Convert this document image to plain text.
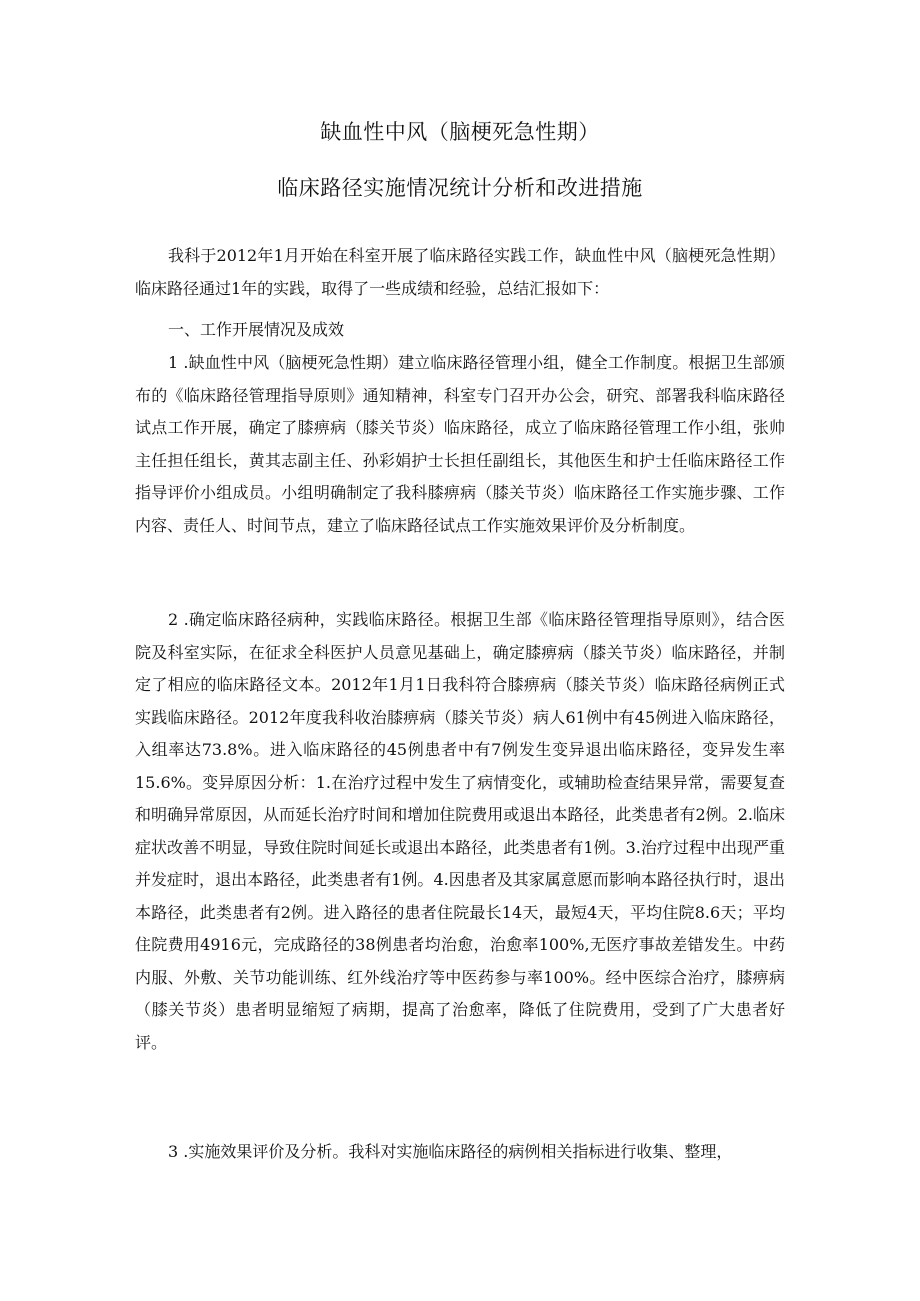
缺血性中风（脑梗死急性期）
临床路径实施情况统计分析和改进措施

我科于2012年1月开始在科室开展了临床路径实践工作，缺血性中风（脑梗死急性期）临床路径通过1年的实践，取得了一些成绩和经验，总结汇报如下：

一、工作开展情况及成效

1 .缺血性中风（脑梗死急性期）建立临床路径管理小组，健全工作制度。根据卫生部颁布的《临床路径管理指导原则》通知精神，科室专门召开办公会，研究、部署我科临床路径试点工作开展，确定了膝痹病（膝关节炎）临床路径，成立了临床路径管理工作小组，张帅主任担任组长，黄其志副主任、孙彩娟护士长担任副组长，其他医生和护士任临床路径工作指导评价小组成员。小组明确制定了我科膝痹病（膝关节炎）临床路径工作实施步骤、工作内容、责任人、时间节点，建立了临床路径试点工作实施效果评价及分析制度。

2 .确定临床路径病种，实践临床路径。根据卫生部《临床路径管理指导原则》，结合医院及科室实际，在征求全科医护人员意见基础上，确定膝痹病（膝关节炎）临床路径，并制定了相应的临床路径文本。2012年1月1日我科符合膝痹病（膝关节炎）临床路径病例正式实践临床路径。2012年度我科收治膝痹病（膝关节炎）病人61例中有45例进入临床路径，入组率达73.8%。进入临床路径的45例患者中有7例发生变异退出临床路径，变异发生率15.6%。变异原因分析：1.在治疗过程中发生了病情变化，或辅助检查结果异常，需要复查和明确异常原因，从而延长治疗时间和增加住院费用或退出本路径，此类患者有2例。2.临床症状改善不明显，导致住院时间延长或退出本路径，此类患者有1例。3.治疗过程中出现严重并发症时，退出本路径，此类患者有1例。4.因患者及其家属意愿而影响本路径执行时，退出本路径，此类患者有2例。进入路径的患者住院最长14天，最短4天，平均住院8.6天；平均住院费用4916元，完成路径的38例患者均治愈，治愈率100%,无医疗事故差错发生。中药内服、外敷、关节功能训练、红外线治疗等中医药参与率100%。经中医综合治疗，膝痹病（膝关节炎）患者明显缩短了病期，提高了治愈率，降低了住院费用，受到了广大患者好评。

3 .实施效果评价及分析。我科对实施临床路径的病例相关指标进行收集、整理，
